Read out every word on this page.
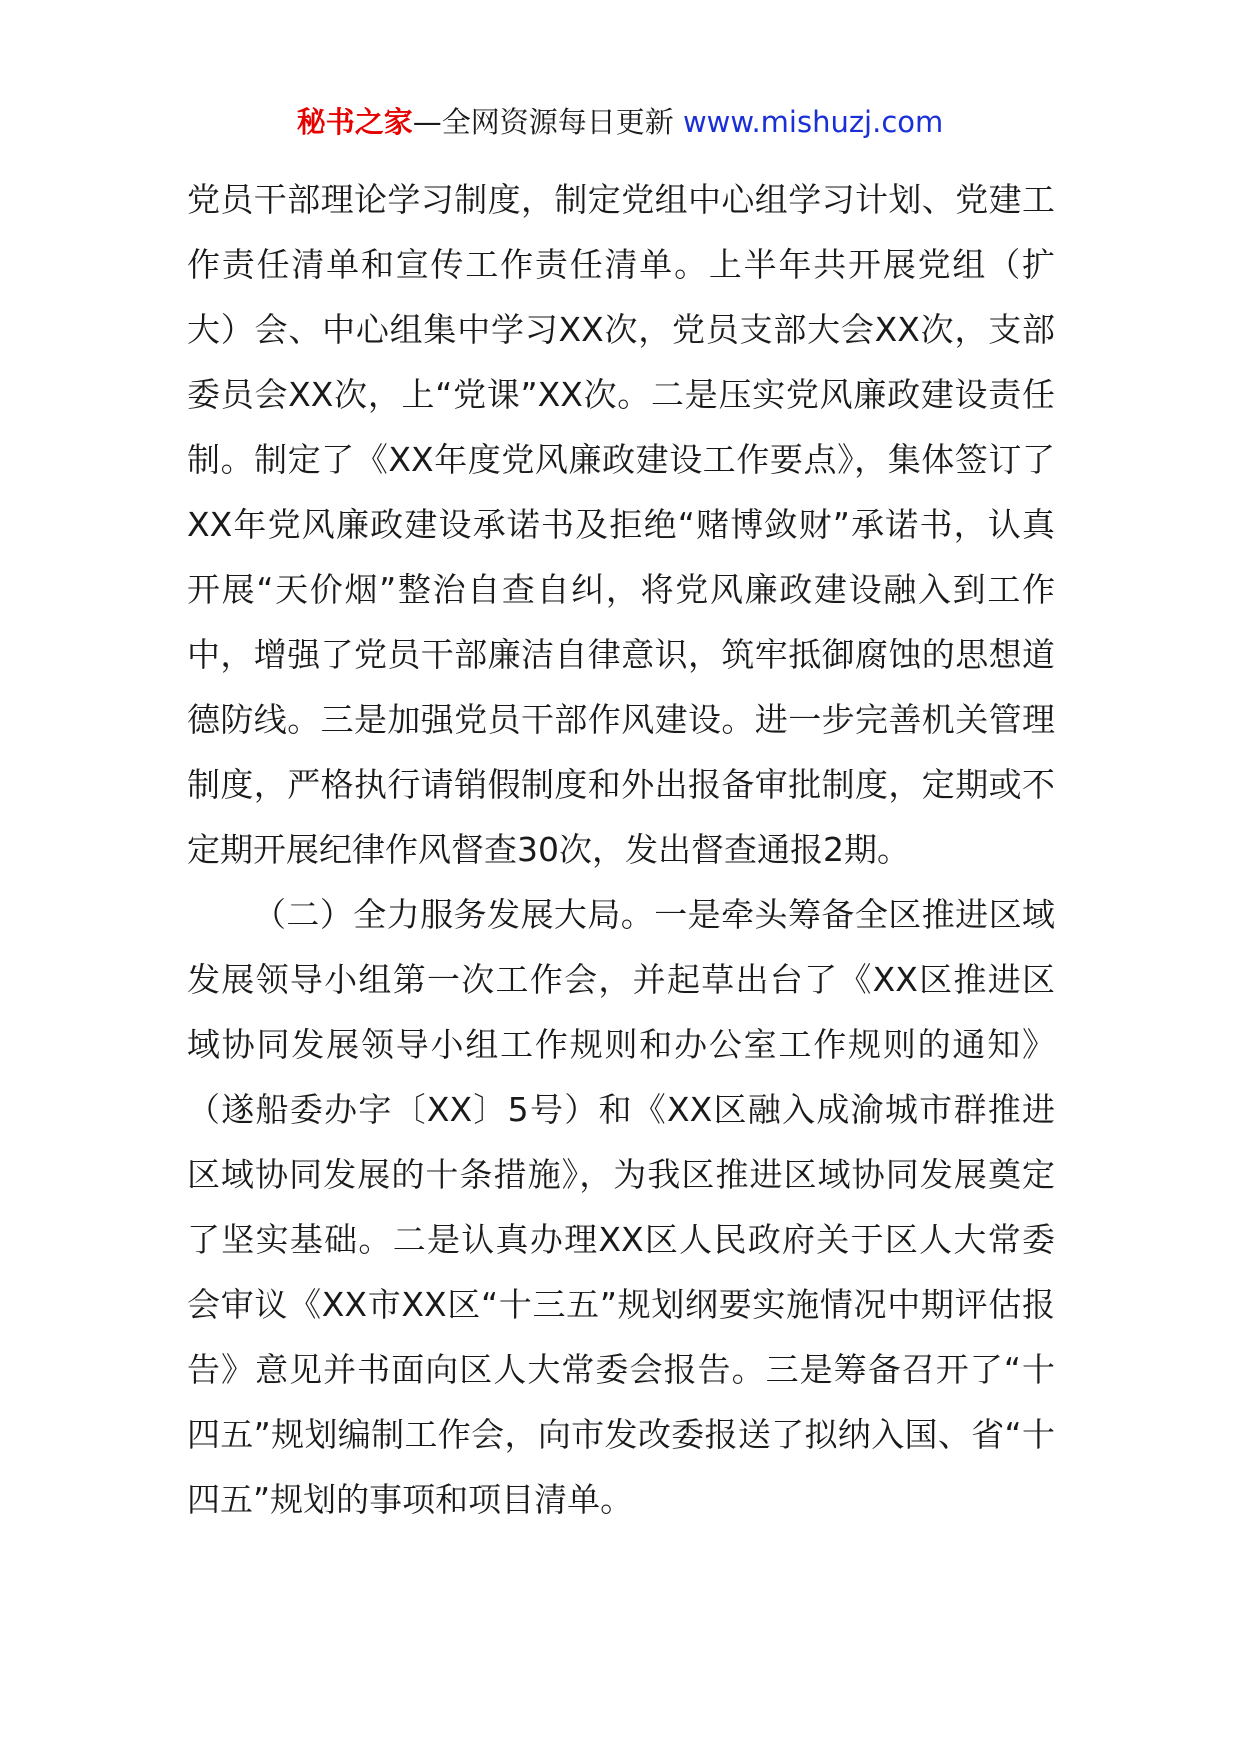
秘书之家—全网资源每日更新 www.mishuzj.com

党员干部理论学习制度，制定党组中心组学习计划、党建工作责任清单和宣传工作责任清单。上半年共开展党组（扩大）会、中心组集中学习XX次，党员支部大会XX次，支部委员会XX次，上“党课”XX次。二是压实党风廉政建设责任制。制定了《XX年度党风廉政建设工作要点》，集体签订了XX年党风廉政建设承诺书及拒绝“赌博敛财”承诺书，认真开展“天价烟”整治自查自纠，将党风廉政建设融入到工作中，增强了党员干部廉洁自律意识，筑牢抵御腐蚀的思想道德防线。三是加强党员干部作风建设。进一步完善机关管理制度，严格执行请销假制度和外出报备审批制度，定期或不定期开展纪律作风督查30次，发出督查通报2期。

（二）全力服务发展大局。一是牵头筹备全区推进区域发展领导小组第一次工作会，并起草出台了《XX区推进区域协同发展领导小组工作规则和办公室工作规则的通知》（遂船委办字〔XX〕5号）和《XX区融入成渝城市群推进区域协同发展的十条措施》，为我区推进区域协同发展奠定了坚实基础。二是认真办理XX区人民政府关于区人大常委会审议《XX市XX区“十三五”规划纲要实施情况中期评估报告》意见并书面向区人大常委会报告。三是筹备召开了“十四五”规划编制工作会，向市发改委报送了拟纳入国、省“十四五”规划的事项和项目清单。
